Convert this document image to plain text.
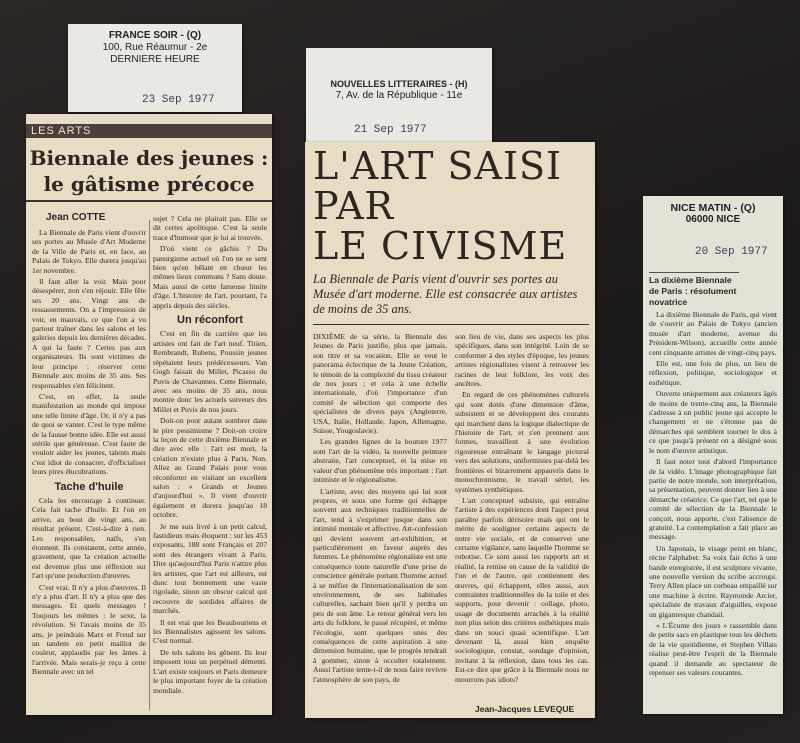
FRANCE SOIR - (Q)
100, Rue Réaumur - 2e
DERNIERE HEURE
23 Sep 1977
LES ARTS
Biennale des jeunes :
le gâtisme précoce
Jean COTTE

La Biennale de Paris vient d'ouvrir ses portes au Musée d'Art Moderne de la Ville de Paris et, en face, au Palais de Tokyo. Elle durera jusqu'au 1er novembre.

Il faut aller la voir. Mais pour désespérer, non s'en réjouir. Elle fête ses 20 ans. Vingt ans de ressassements. On a l'impression de voir, en mauvais, ce que l'on a vu partout traîner dans les salons et les galeries depuis les dernières décades. A qui la faute ? Certes pas aux organisateurs. Ils sont victimes de leur principe : réserver cette Biennale aux moins de 35 ans. Ses responsables s'en félicitent.

C'est, en effet, la seule manifestation au monde qui impose une telle limite d'âge. Or, il n'y a pas de quoi se vanter. C'est le type même de la fausse bonne idée. Elle est aussi stérile que généreuse. C'est faute de vouloir aider les jeunes, talents mais c'est idiot de consacrer, d'officialiser leurs pires élucubrations.

Tache d'huile

Cela les encourage à continuer. Cela fait tache d'huile. Et l'on en arrive, au bout de vingt ans, au résultat présent. C'est-à-dire à rien. Les responsables, naïfs, s'en étonnent. Ils constatent, cette année, gravement, que la création actuelle est devenue plus une réflexion sur l'art qu'une production d'œuvres.

C'est vrai. Il n'y a plus d'œuvres. Il n'y a plus d'art. Il n'y a plus que des messages. Et quels messages ! Toujours les mêmes : le sexe, la révolution. Si l'avais moins de 35 ans, je peindrais Marx et Freud sur un tandem en petit maillot de couleur, applaudis par les âmes à l'arrivée. Mais serais-je reçu à cette Biennale avec un tel

sujet ? Cela ne plairait pas. Elle se dit certes apolitique. C'est la seule trace d'humour que je lui ai trouvée.

D'où vient ce gâchis ? Du panurgisme actuel où l'on ne se sent bien qu'en bêlant en chœur les mêmes lieux communs ? Sans doute. Mais aussi de cette fameuse limite d'âge. L'histoire de l'art, pourtant, l'a appris depuis des siècles.

Un réconfort

C'est en fin de carrière que les artistes ont fait de l'art neuf. Titien, Rembrandt, Rubens, Poussin jeunes répétaient leurs prédécesseurs. Van Gogh faisait du Millet, Picasso du Puvis de Chavannes. Cette Biennale, avec ses moins de 35 ans, nous montre donc les actuels suiveurs des Millet et Puvis de nos jours.

Doit-on pour autant sombrer dans le pire pessimisme ? Doit-on croire la leçon de cette dixième Biennale et dire avec elle : l'art est mort, la création n'existe plus à Paris. Non. Allez au Grand Palais pour vous réconforter en visitant un excellent salon : « Grands et Jeunes d'aujourd'hui ». Il vient d'ouvrir également et durera jusqu'au 18 octobre.

Je me suis livré à un petit calcul, fastidieux mais éloquent : sur les 453 exposants, 188 sont Français et 207 sont des étrangers vivant à Paris. Dire qu'aujourd'hui Paris n'attire plus les artistes, que l'art est ailleurs, est donc tout bonnement une vaste rigolade, sinon un obscur calcul qui recouvre de sordides affaires de marchés.

Il est vrai que les Beaubouriens et les Biennalistes agissent les salons. C'est normal.

De tels salons les gênent. Ils leur imposent tous un perpétuel démenti. L'art existe toujours et Paris demeure le plus important foyer de la création mondiale.

NOUVELLES LITTERAIRES - (H)
7, Av. de la République - 11e
21 Sep 1977
L'ART SAISI
PAR
LE CIVISME
La Biennale de Paris vient d'ouvrir ses portes au Musée d'art moderne. Elle est consacrée aux artistes de moins de 35 ans.

DIXIÈME de sa série, la Biennale des Jeunes de Paris justifie, plus que jamais, son titre et sa vocation. Elle se veut le panorama éclectique de la Jeune Création, le témoin de la complexité du tissu créateur de nos jours ; et cela à une échelle internationale, d'où l'importance d'un comité de sélection qui comporte des spécialistes de divers pays (Angleterre, USA, Italie, Hollande, Japon, Allemagne, Suisse, Yougoslavie).

Les grandes lignes de la bouture 1977 sont l'art de la vidéo, la nouvelle peinture abstraite, l'art conceptuel, et la mise en valeur d'un phénomène très important : l'art intimiste et le régionalisme.

L'artiste, avec des moyens qui lui sont propres, et sous une forme qui échappe souvent aux techniques traditionnelles de l'art, tend à s'exprimer jusque dans son intimité mentale et affective. Art-confession qui devient souvent art-exhibition, et particulièrement en faveur auprès des femmes. Le phénomène régionaliste est une conséquence toute naturelle d'une prise de conscience générale portant l'homme actuel à se méfier de l'internationalisation de son environnement, de ses habitudes culturelles, sachant bien qu'il y perdra un peu de son âme. Le retour général vers les arts du folklore, le passé récupéré, et même l'écologie, sont quelques unes des conséquences de cette aspiration à une dimension humaine, que le progrès tendrait à gommer, sinon à occulter totalement. Aussi l'artiste tente-t-il de nous faire revivre l'atmosphère de son pays, de

son lieu de vie, dans ses aspects les plus spécifiques, dans son intégrité. Loin de se conformer à des styles d'époque, les jeunes artistes régionalistes visent à retrouver les racines de leur folklore, les voix des ancêtres.

En regard de ces phénomènes culturels qui sont dotés d'une dimension d'âme, subsistent et se développent des courants qui marchent dans la logique dialectique de l'histoire de l'art, et s'en prennent aux formes, travaillent à une évolution rigoureuse entraînant le langage pictural vers des solutions, uniformistes par-delà les frontières et bizarrement appauvris dans le monochromisme, le travail sériel, les systèmes synthétiques.

L'art conceptuel subsiste, qui entraîne l'artiste à des expériences dont l'aspect peut paraître parfois dérisoire mais qui ont le mérite de souligner certains aspects de notre vie sociale, et de conserver une certaine vigilance, sans laquelle l'homme se robotise. Ce sont aussi les rapports art et réalité, la remise en cause de la validité de l'un et de l'autre, qui contiennent des œuvres, qui échappent, elles aussi, aux contraintes traditionnelles de la toile et des supports, pour devenir : collage, photo, usage de documents arrachés à la réalité non plus selon des critères esthétiques mais dans un souci quasi scientifique. L'art devenant là, aussi bien enquête sociologique, constat, sondage d'opinion, invitant à la réflexion, dans tous les cas. Est-ce dire que grâce à la Biennale nous ne mourrons pas idiots?

Jean-Jacques LEVEQUE
NICE MATIN - (Q)
06000 NICE
20 Sep 1977
La dixième Biennale de Paris : résolument novatrice

La dixième Biennale de Paris, qui vient de s'ouvrir au Palais de Tokyo (ancien musée d'art moderne, avenue du Président-Wilson), accueille cette année cent cinquante artistes de vingt-cinq pays.

Elle est, une fois de plus, un lieu de réflexion, politique, sociologique et esthétique.

Ouverte uniquement aux créateurs âgés de moins de trente-cinq ans, la Biennale s'adresse à un public jeune qui accepte le changement et ne s'étonne pas de démarches qui semblent tourner le dos à ce que jusqu'à présent on a désigné sous le nom d'œuvre artistique.

Il faut noter tout d'abord l'importance de la vidéo. L'image photographique fait partie de notre monde, son interprétation, sa présentation, peuvent donner lieu à une démarche créatrice. Ce que l'art, tel que le comité de sélection de la Biennale le conçoit, nous apporte, c'est l'absence de gratuité. La contemplation a fait place au message.

Un Japonais, le visage peint en blanc, récite l'alphabet. Sa voix fait écho à une bande enregistrée, il est sculpture vivante, une nouvelle version du scribe accroupi. Terry Allen place un corbeau empaillé sur une machine à écrire. Raymonde Arcier, spécialiste de travaux d'aiguilles, expose un gigantesque chandail.

« L'Écume des jours » rassemble dans de petits sacs en plastique tous les déchets de la vie quotidienne, et Stephen Villats réalise peut-être l'esprit de la Biennale quand il demande au spectateur de repenser ses valeurs courantes.
